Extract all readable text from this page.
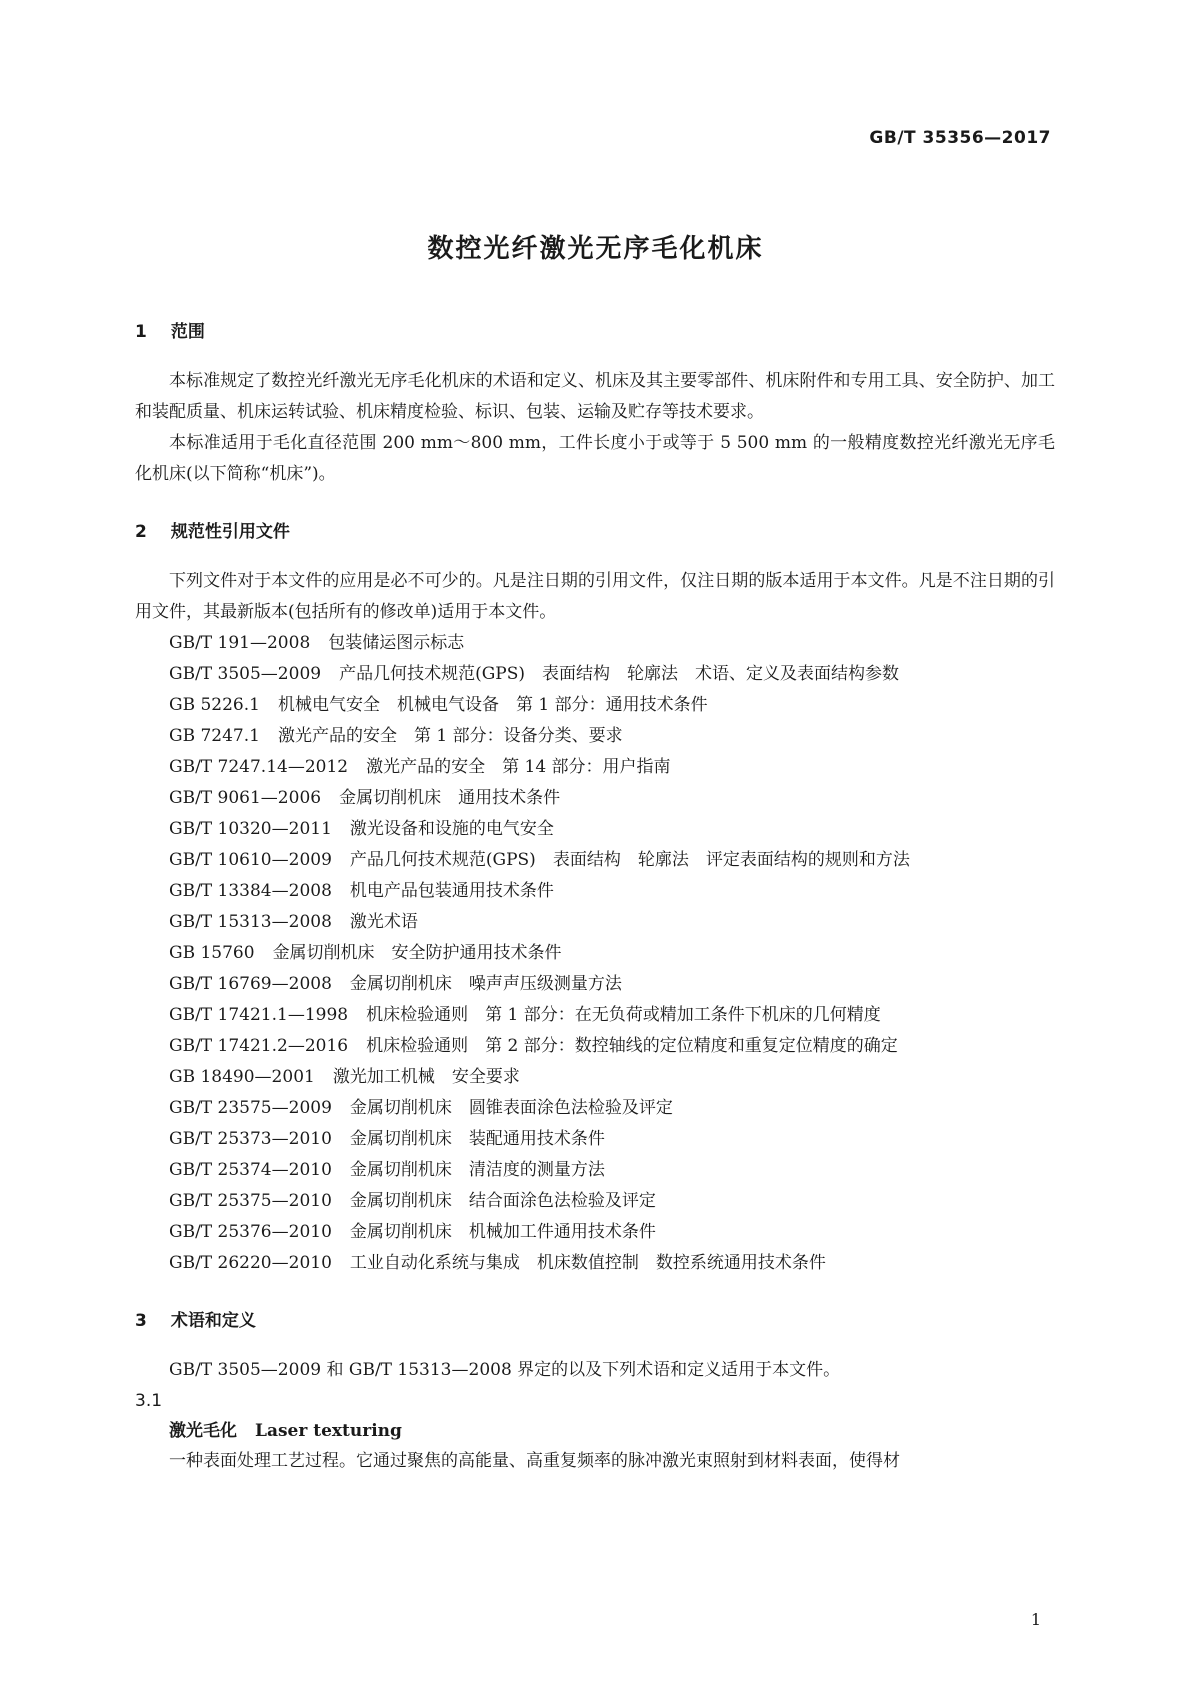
GB/T 35356—2017
数控光纤激光无序毛化机床
1 范围

本标准规定了数控光纤激光无序毛化机床的术语和定义、机床及其主要零部件、机床附件和专用工具、安全防护、加工和装配质量、机床运转试验、机床精度检验、标识、包装、运输及贮存等技术要求。

本标准适用于毛化直径范围 200 mm～800 mm，工件长度小于或等于 5 500 mm 的一般精度数控光纤激光无序毛化机床(以下简称“机床”)。

2 规范性引用文件

下列文件对于本文件的应用是必不可少的。凡是注日期的引用文件，仅注日期的版本适用于本文件。凡是不注日期的引用文件，其最新版本(包括所有的修改单)适用于本文件。

GB/T 191—2008 包装储运图示标志
GB/T 3505—2009 产品几何技术规范(GPS)　表面结构　轮廓法　术语、定义及表面结构参数
GB 5226.1 机械电气安全　机械电气设备　第 1 部分：通用技术条件
GB 7247.1 激光产品的安全　第 1 部分：设备分类、要求
GB/T 7247.14—2012 激光产品的安全　第 14 部分：用户指南
GB/T 9061—2006 金属切削机床　通用技术条件
GB/T 10320—2011 激光设备和设施的电气安全
GB/T 10610—2009 产品几何技术规范(GPS)　表面结构　轮廓法　评定表面结构的规则和方法
GB/T 13384—2008 机电产品包装通用技术条件
GB/T 15313—2008 激光术语
GB 15760 金属切削机床　安全防护通用技术条件
GB/T 16769—2008 金属切削机床　噪声声压级测量方法
GB/T 17421.1—1998 机床检验通则　第 1 部分：在无负荷或精加工条件下机床的几何精度
GB/T 17421.2—2016 机床检验通则　第 2 部分：数控轴线的定位精度和重复定位精度的确定
GB 18490—2001 激光加工机械　安全要求
GB/T 23575—2009 金属切削机床　圆锥表面涂色法检验及评定
GB/T 25373—2010 金属切削机床　装配通用技术条件
GB/T 25374—2010 金属切削机床　清洁度的测量方法
GB/T 25375—2010 金属切削机床　结合面涂色法检验及评定
GB/T 25376—2010 金属切削机床　机械加工件通用技术条件
GB/T 26220—2010 工业自动化系统与集成　机床数值控制　数控系统通用技术条件
3 术语和定义

GB/T 3505—2009 和 GB/T 15313—2008 界定的以及下列术语和定义适用于本文件。

3.1
激光毛化 Laser texturing

一种表面处理工艺过程。它通过聚焦的高能量、高重复频率的脉冲激光束照射到材料表面，使得材

1
